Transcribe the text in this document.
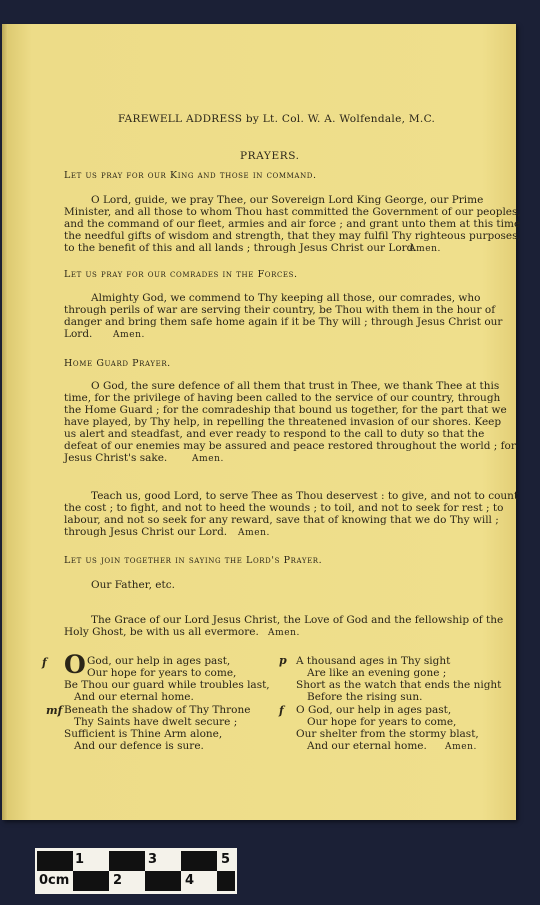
FAREWELL ADDRESS by Lt. Col. W. A. Wolfendale, M.C.
PRAYERS.
Let us pray for our King and those in command.
O Lord, guide, we pray Thee, our Sovereign Lord King George, our Prime
Minister, and all those to whom Thou hast committed the Government of our peoples,
and the command of our fleet, armies and air force ; and grant unto them at this time
the needful gifts of wisdom and strength, that they may fulfil Thy righteous purposes,
to the benefit of this and all lands ; through Jesus Christ our Lord.
Amen.
Let us pray for our comrades in the Forces.
Almighty God, we commend to Thy keeping all those, our comrades, who
through perils of war are serving their country, be Thou with them in the hour of
danger and bring them safe home again if it be Thy will ; through Jesus Christ our
Lord. Amen.
Home Guard Prayer.
O God, the sure defence of all them that trust in Thee, we thank Thee at this
time, for the privilege of having been called to the service of our country, through
the Home Guard ; for the comradeship that bound us together, for the part that we
have played, by Thy help, in repelling the threatened invasion of our shores. Keep
us alert and steadfast, and ever ready to respond to the call to duty so that the
defeat of our enemies may be assured and peace restored throughout the world ; for
Jesus Christ's sake.	Amen.
Teach us, good Lord, to serve Thee as Thou deservest : to give, and not to count
the cost ; to fight, and not to heed the wounds ; to toil, and not to seek for rest ; to
labour, and not so seek for any reward, save that of knowing that we do Thy will ;
through Jesus Christ our Lord. Amen.
Let us join together in saying the Lord's Prayer.
Our Father, etc.
The Grace of our Lord Jesus Christ, the Love of God and the fellowship of the
Holy Ghost, be with us all evermore. Amen.
f O God, our help in ages past,
Our hope for years to come,
Be Thou our guard while troubles last,
And our eternal home.
mf Beneath the shadow of Thy Throne
Thy Saints have dwelt secure ;
Sufficient is Thine Arm alone,
And our defence is sure.
p A thousand ages in Thy sight
Are like an evening gone ;
Short as the watch that ends the night
Before the rising sun.
f O God, our help in ages past,
Our hope for years to come,
Our shelter from the stormy blast,
And our eternal home. Amen.
1	3	5
0cm	2	4
